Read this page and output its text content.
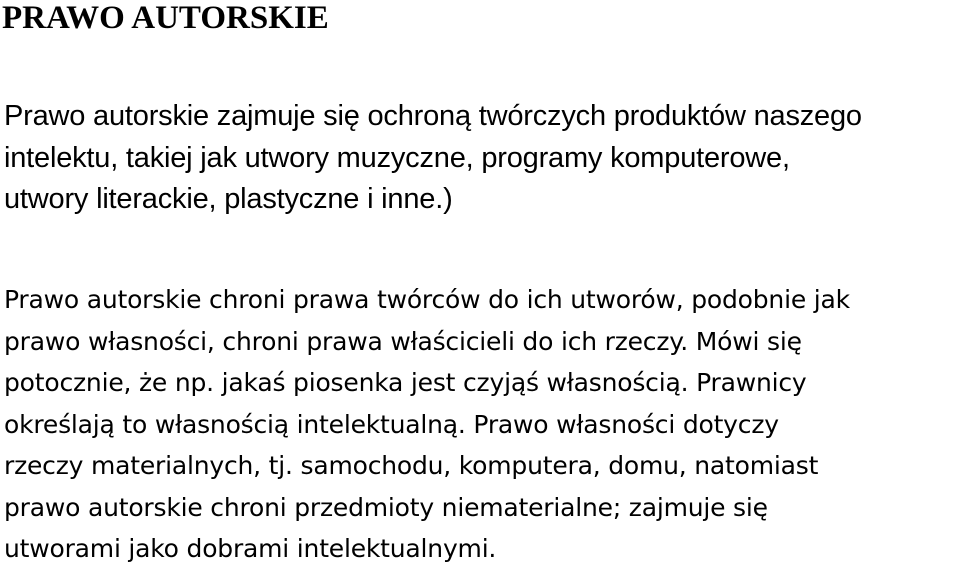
PRAWO AUTORSKIE

Prawo autorskie zajmuje się ochroną twórczych produktów naszego
intelektu, takiej jak utwory muzyczne, programy komputerowe,
utwory literackie, plastyczne i inne.)

Prawo autorskie chroni prawa twórców do ich utworów, podobnie jak
prawo własności, chroni prawa właścicieli do ich rzeczy. Mówi się
potocznie, że np. jakaś piosenka jest czyjąś własnością. Prawnicy
określają to własnością intelektualną. Prawo własności dotyczy
rzeczy materialnych, tj. samochodu, komputera, domu, natomiast
prawo autorskie chroni przedmioty niematerialne; zajmuje się
utworami jako dobrami intelektualnymi.
